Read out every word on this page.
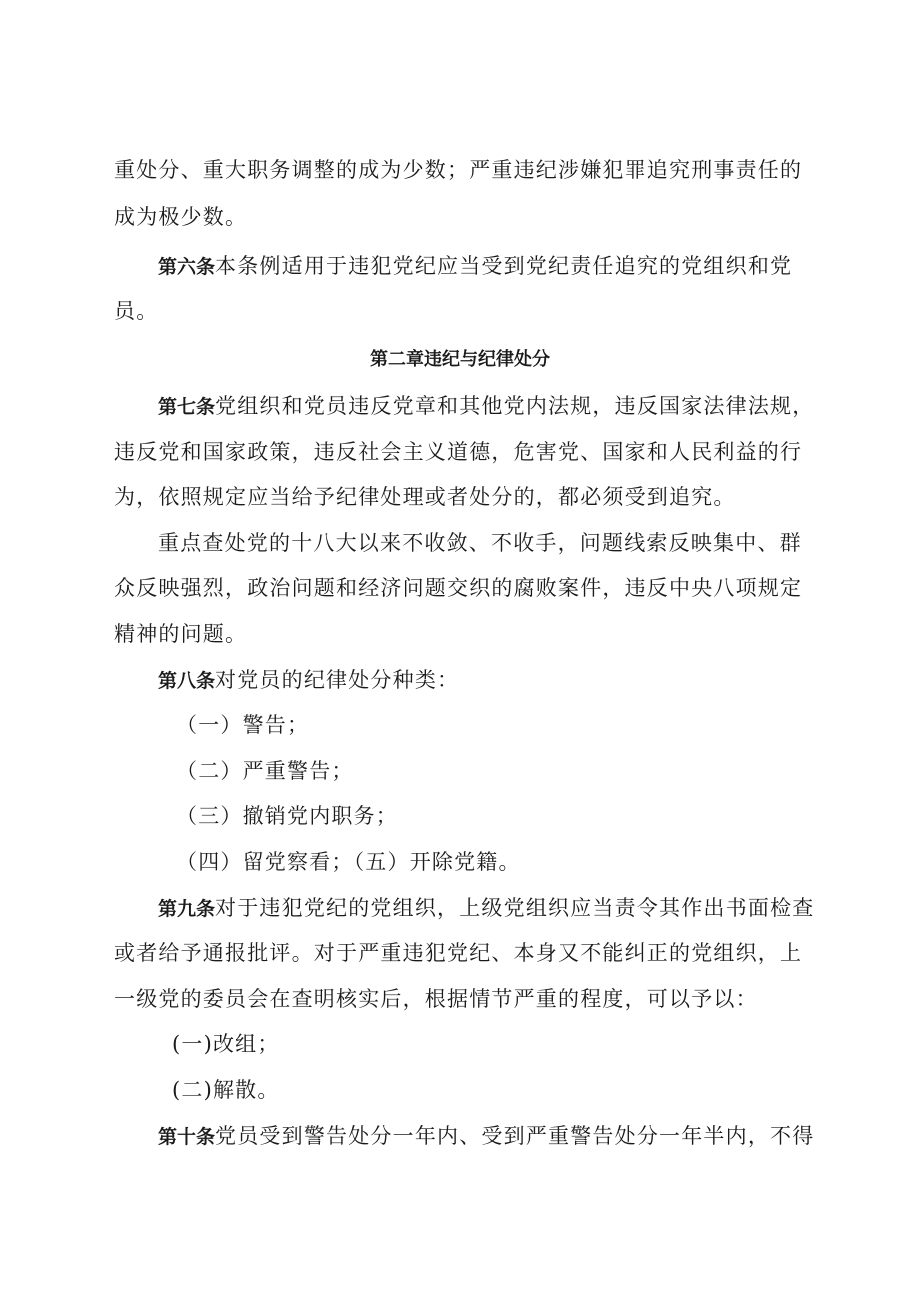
重处分、重大职务调整的成为少数；严重违纪涉嫌犯罪追究刑事责任的
成为极少数。
第六条本条例适用于违犯党纪应当受到党纪责任追究的党组织和党
员。
第二章违纪与纪律处分
第七条党组织和党员违反党章和其他党内法规，违反国家法律法规，
违反党和国家政策，违反社会主义道德，危害党、国家和人民利益的行
为，依照规定应当给予纪律处理或者处分的，都必须受到追究。
重点查处党的十八大以来不收敛、不收手，问题线索反映集中、群
众反映强烈，政治问题和经济问题交织的腐败案件，违反中央八项规定
精神的问题。
第八条对党员的纪律处分种类：
（一）警告；
（二）严重警告；
（三）撤销党内职务；
（四）留党察看；（五）开除党籍。
第九条对于违犯党纪的党组织，上级党组织应当责令其作出书面检查
或者给予通报批评。对于严重违犯党纪、本身又不能纠正的党组织，上
一级党的委员会在查明核实后，根据情节严重的程度，可以予以：
(一)改组；
(二)解散。
第十条党员受到警告处分一年内、受到严重警告处分一年半内，不得
